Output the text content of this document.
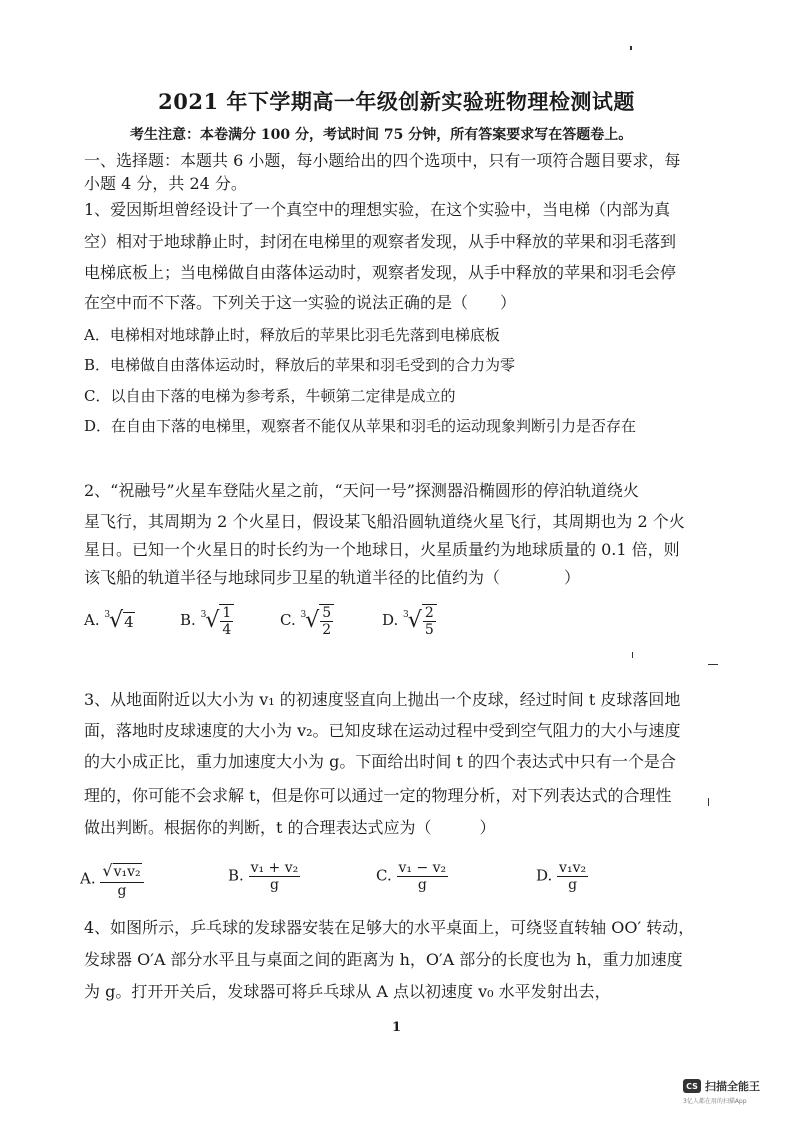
2021 年下学期高一年级创新实验班物理检测试题
考生注意：本卷满分 100 分，考试时间 75 分钟，所有答案要求写在答题卷上。
一、选择题：本题共 6 小题，每小题给出的四个选项中，只有一项符合题目要求，每
小题 4 分，共 24 分。
1、爱因斯坦曾经设计了一个真空中的理想实验，在这个实验中，当电梯（内部为真
空）相对于地球静止时，封闭在电梯里的观察者发现，从手中释放的苹果和羽毛落到
电梯底板上；当电梯做自由落体运动时，观察者发现，从手中释放的苹果和羽毛会停
在空中而不下落。下列关于这一实验的说法正确的是（　　）
A．电梯相对地球静止时，释放后的苹果比羽毛先落到电梯底板
B．电梯做自由落体运动时，释放后的苹果和羽毛受到的合力为零
C．以自由下落的电梯为参考系，牛顿第二定律是成立的
D．在自由下落的电梯里，观察者不能仅从苹果和羽毛的运动现象判断引力是否存在
2、“祝融号”火星车登陆火星之前，“天问一号”探测器沿椭圆形的停泊轨道绕火
星飞行，其周期为 2 个火星日，假设某飞船沿圆轨道绕火星飞行，其周期也为 2 个火
星日。已知一个火星日的时长约为一个地球日，火星质量约为地球质量的 0.1 倍，则
该飞船的轨道半径与地球同步卫星的轨道半径的比值约为（　　　　）
A. 3 √ 4	B. 3 √ $\frac{1}{4}$	C. 3 √ $\frac{5}{2}$	D. 3 √ $\frac{2}{5}$
3、从地面附近以大小为 v₁ 的初速度竖直向上抛出一个皮球，经过时间 t 皮球落回地
面，落地时皮球速度的大小为 v₂。已知皮球在运动过程中受到空气阻力的大小与速度
的大小成正比，重力加速度大小为 g。下面给出时间 t 的四个表达式中只有一个是合
理的，你可能不会求解 t，但是你可以通过一定的物理分析，对下列表达式的合理性
做出判断。根据你的判断，t 的合理表达式应为（　　　）
A. $\frac{\text{√ v₁v₂}}{g}$	B. $\frac{\text{v₁ + v₂}}{g}$	C. $\frac{\text{v₁ − v₂}}{g}$	D. $\frac{\text{v₁v₂}}{g}$
4、如图所示，乒乓球的发球器安装在足够大的水平桌面上，可绕竖直转轴 OO′ 转动，
发球器 O′A 部分水平且与桌面之间的距离为 h，O′A 部分的长度也为 h，重力加速度
为 g。打开开关后，发球器可将乒乓球从 A 点以初速度 v₀ 水平发射出去，
1
CS 扫描全能王
3亿人都在用的扫描App
